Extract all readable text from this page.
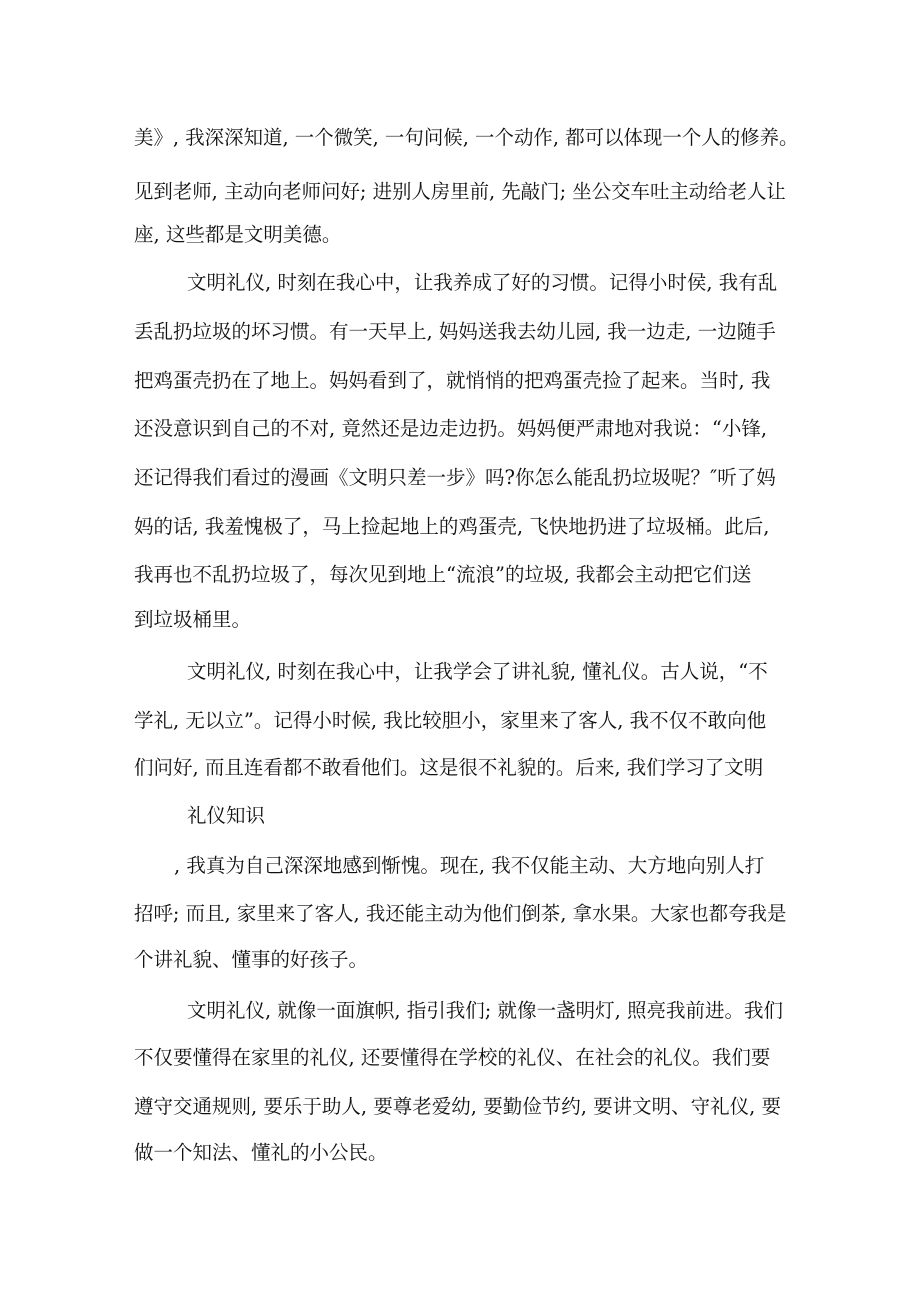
美》, 我深深知道, 一个微笑, 一句问候, 一个动作, 都可以体现一个人的修养。
见到老师, 主动向老师问好; 进别人房里前, 先敲门; 坐公交车吐主动给老人让
座, 这些都是文明美德。
文明礼仪, 时刻在我心中，让我养成了好的习惯。记得小时侯, 我有乱
丢乱扔垃圾的坏习惯。有一天早上, 妈妈送我去幼儿园, 我一边走, 一边随手
把鸡蛋壳扔在了地上。妈妈看到了，就悄悄的把鸡蛋壳捡了起来。当时, 我
还没意识到自己的不对, 竟然还是边走边扔。妈妈便严肃地对我说：“小锋,
还记得我们看过的漫画《文明只差一步》吗?你怎么能乱扔垃圾呢？″听了妈
妈的话, 我羞愧极了，马上捡起地上的鸡蛋壳, 飞快地扔进了垃圾桶。此后,
我再也不乱扔垃圾了，每次见到地上“流浪”的垃圾, 我都会主动把它们送
到垃圾桶里。
文明礼仪, 时刻在我心中，让我学会了讲礼貌, 懂礼仪。古人说，“不
学礼, 无以立”。记得小时候, 我比较胆小，家里来了客人, 我不仅不敢向他
们问好, 而且连看都不敢看他们。这是很不礼貌的。后来, 我们学习了文明
礼仪知识
, 我真为自己深深地感到惭愧。现在, 我不仅能主动、大方地向别人打
招呼; 而且, 家里来了客人, 我还能主动为他们倒茶, 拿水果。大家也都夸我是
个讲礼貌、懂事的好孩子。
文明礼仪, 就像一面旗帜, 指引我们; 就像一盏明灯, 照亮我前进。我们
不仅要懂得在家里的礼仪, 还要懂得在学校的礼仪、在社会的礼仪。我们要
遵守交通规则, 要乐于助人, 要尊老爱幼, 要勤俭节约, 要讲文明、守礼仪, 要
做一个知法、懂礼的小公民。
